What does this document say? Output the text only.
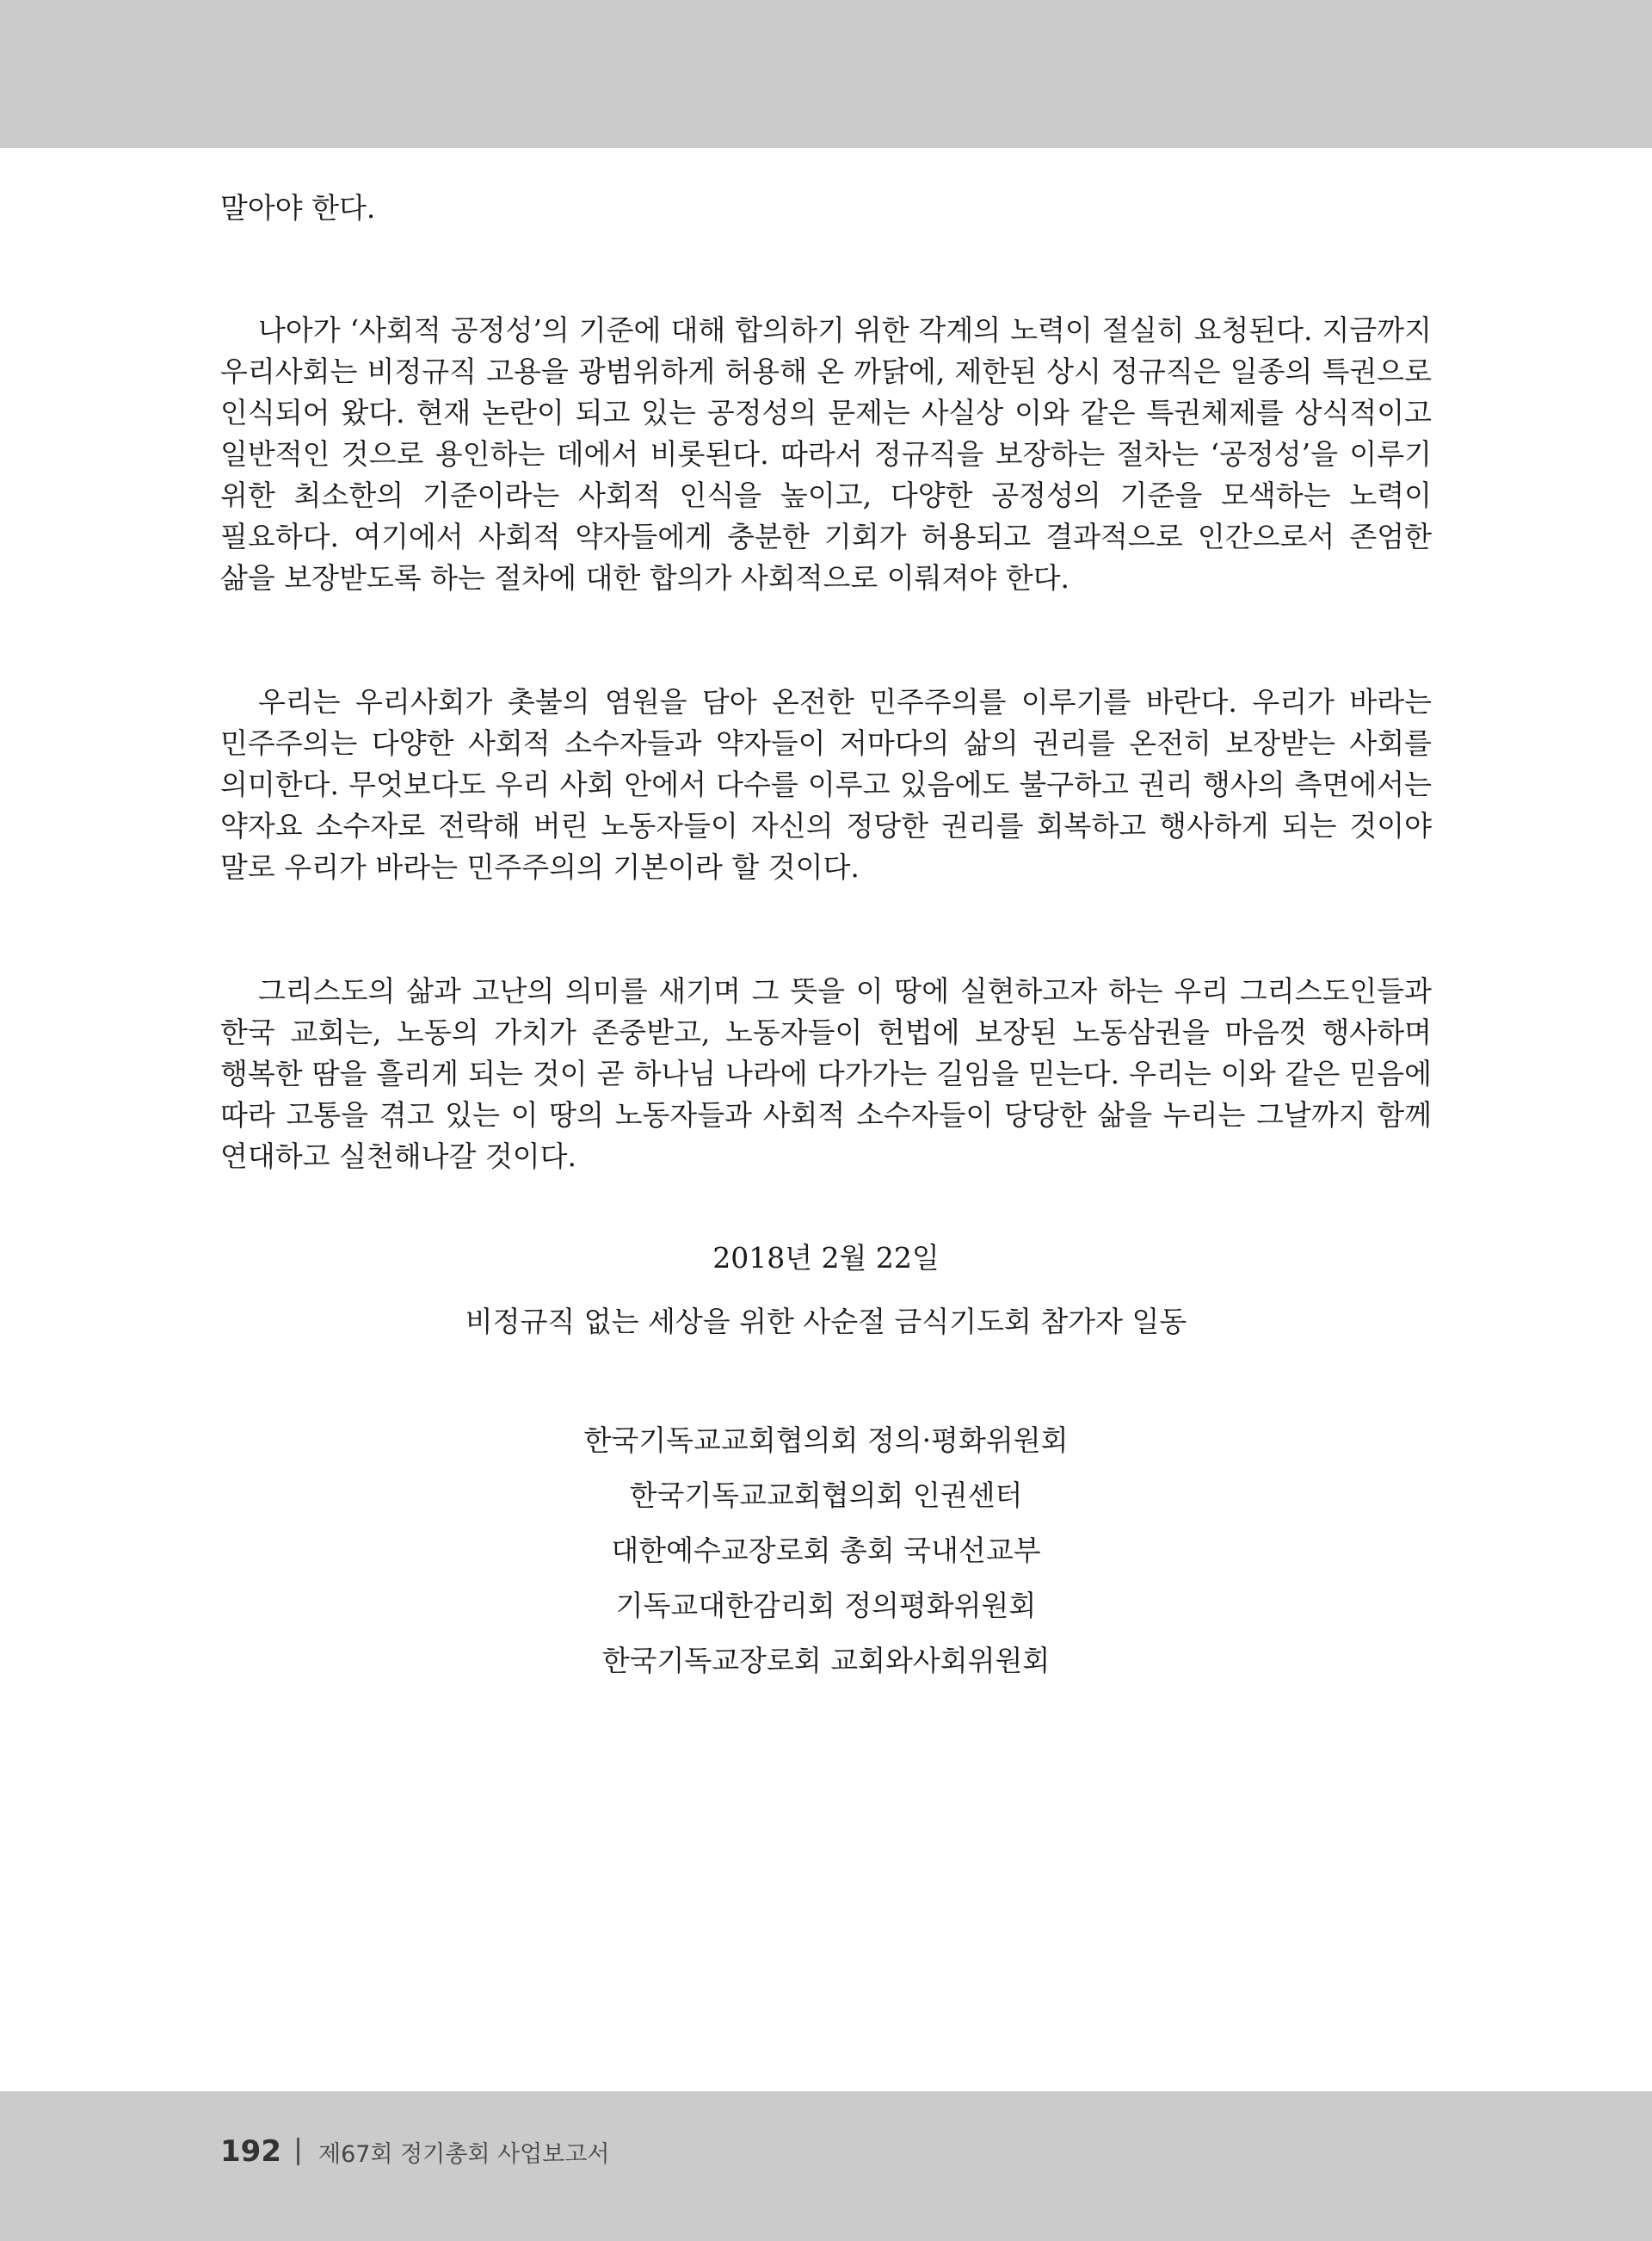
말아야 한다.

나아가 ‘사회적 공정성’의 기준에 대해 합의하기 위한 각계의 노력이 절실히 요청된다. 지금까지 우리사회는 비정규직 고용을 광범위하게 허용해 온 까닭에, 제한된 상시 정규직은 일종의 특권으로 인식되어 왔다. 현재 논란이 되고 있는 공정성의 문제는 사실상 이와 같은 특권체제를 상식적이고 일반적인 것으로 용인하는 데에서 비롯된다. 따라서 정규직을 보장하는 절차는 ‘공정성’을 이루기 위한 최소한의 기준이라는 사회적 인식을 높이고, 다양한 공정성의 기준을 모색하는 노력이 필요하다. 여기에서 사회적 약자들에게 충분한 기회가 허용되고 결과적으로 인간으로서 존엄한 삶을 보장받도록 하는 절차에 대한 합의가 사회적으로 이뤄져야 한다.

우리는 우리사회가 촛불의 염원을 담아 온전한 민주주의를 이루기를 바란다. 우리가 바라는 민주주의는 다양한 사회적 소수자들과 약자들이 저마다의 삶의 권리를 온전히 보장받는 사회를 의미한다. 무엇보다도 우리 사회 안에서 다수를 이루고 있음에도 불구하고 권리 행사의 측면에서는 약자요 소수자로 전락해 버린 노동자들이 자신의 정당한 권리를 회복하고 행사하게 되는 것이야 말로 우리가 바라는 민주주의의 기본이라 할 것이다.

그리스도의 삶과 고난의 의미를 새기며 그 뜻을 이 땅에 실현하고자 하는 우리 그리스도인들과 한국 교회는, 노동의 가치가 존중받고, 노동자들이 헌법에 보장된 노동삼권을 마음껏 행사하며 행복한 땀을 흘리게 되는 것이 곧 하나님 나라에 다가가는 길임을 믿는다. 우리는 이와 같은 믿음에 따라 고통을 겪고 있는 이 땅의 노동자들과 사회적 소수자들이 당당한 삶을 누리는 그날까지 함께 연대하고 실천해나갈 것이다.

2018년 2월 22일
비정규직 없는 세상을 위한 사순절 금식기도회 참가자 일동
한국기독교교회협의회 정의·평화위원회
한국기독교교회협의회 인권센터
대한예수교장로회 총회 국내선교부
기독교대한감리회 정의평화위원회
한국기독교장로회 교회와사회위원회
192 제67회 정기총회 사업보고서
